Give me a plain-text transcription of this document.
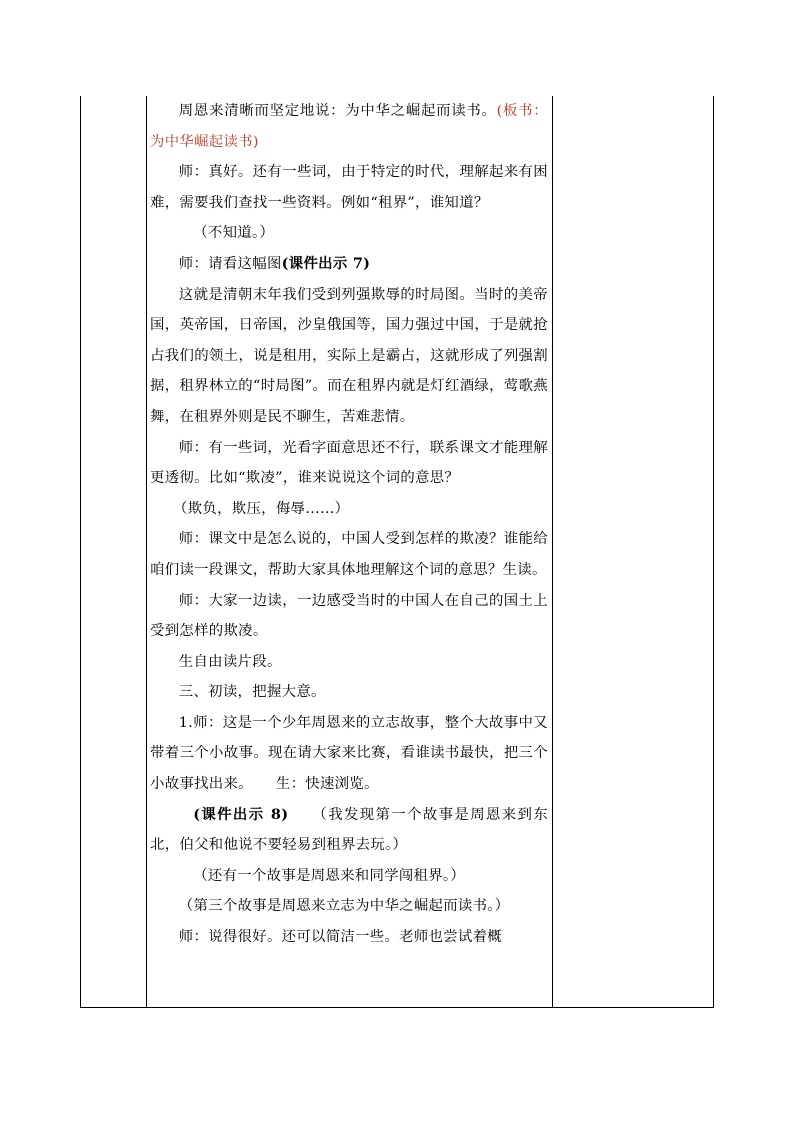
周恩来清晰而坚定地说：为中华之崛起而读书。(板书：为中华崛起读书)

师：真好。还有一些词，由于特定的时代，理解起来有困难，需要我们查找一些资料。例如“租界”，谁知道？

（不知道。）

师：请看这幅图(课件出示 7)

这就是清朝末年我们受到列强欺辱的时局图。当时的美帝国，英帝国，日帝国，沙皇俄国等，国力强过中国，于是就抢占我们的领土，说是租用，实际上是霸占，这就形成了列强割据，租界林立的“时局图”。而在租界内就是灯红酒绿，莺歌燕舞，在租界外则是民不聊生，苦难悲情。

师：有一些词，光看字面意思还不行，联系课文才能理解更透彻。比如“欺凌”，谁来说说这个词的意思？

（欺负，欺压，侮辱……）

师：课文中是怎么说的，中国人受到怎样的欺凌？谁能给咱们读一段课文，帮助大家具体地理解这个词的意思？生读。

师：大家一边读，一边感受当时的中国人在自己的国土上受到怎样的欺凌。

生自由读片段。

三、初读，把握大意。

1.师：这是一个少年周恩来的立志故事，整个大故事中又带着三个小故事。现在请大家来比赛，看谁读书最快，把三个小故事找出来。 生：快速浏览。

(课件出示 8) （我发现第一个故事是周恩来到东北，伯父和他说不要轻易到租界去玩。）

（还有一个故事是周恩来和同学闯租界。）

（第三个故事是周恩来立志为中华之崛起而读书。）

师：说得很好。还可以简洁一些。老师也尝试着概
